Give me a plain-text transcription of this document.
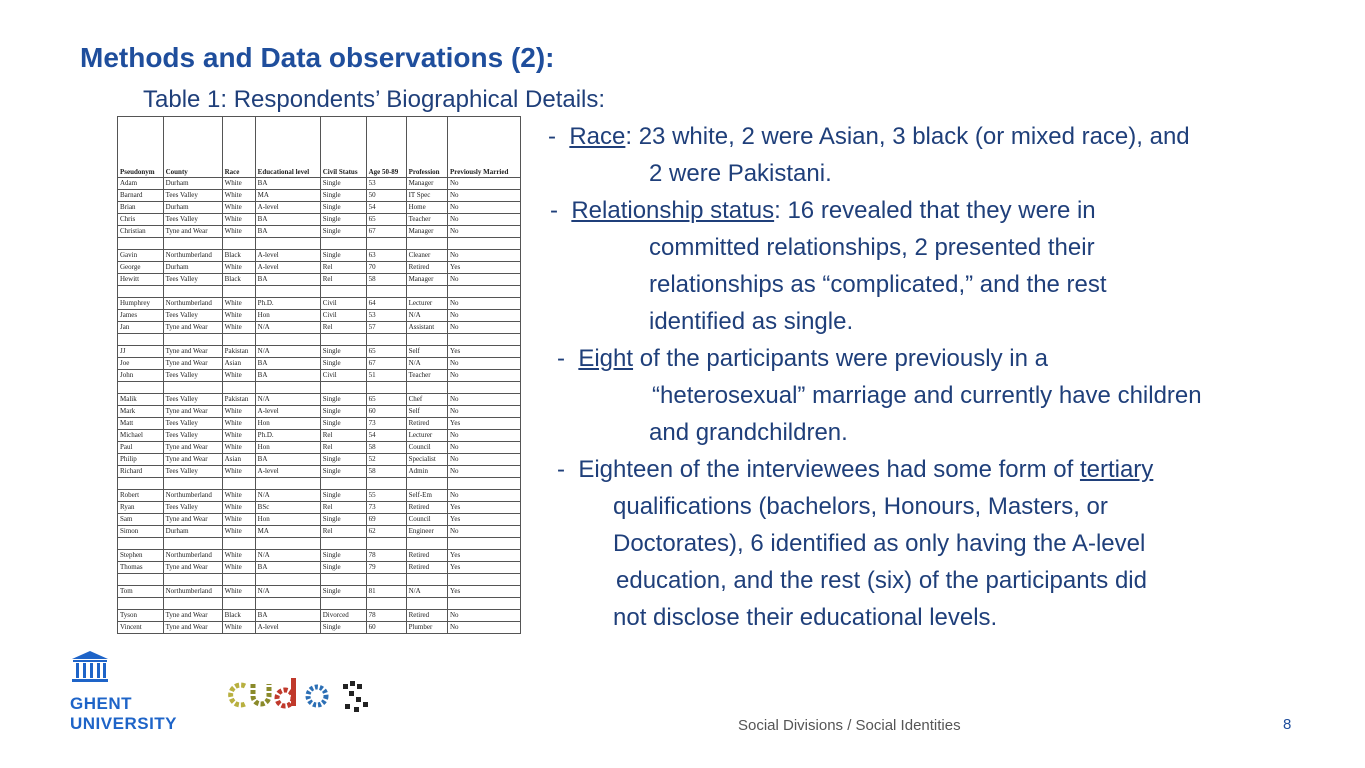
Methods and Data observations (2):
Table 1: Respondents’ Biographical Details:
Pseudonym	County	Race	Educational level	Civil Status	Age 50-89	Profession	Previously Married
Adam	Durham	White	BA	Single	53	Manager	No
Barnard	Tees Valley	White	MA	Single	50	IT Spec	No
Brian	Durham	White	A-level	Single	54	Home	No
Chris	Tees Valley	White	BA	Single	65	Teacher	No
Christian	Tyne and Wear	White	BA	Single	67	Manager	No

Gavin	Northumberland	Black	A-level	Single	63	Cleaner	No
George	Durham	White	A-level	Rel	70	Retired	Yes
Hewitt	Tees Valley	Black	BA	Rel	58	Manager	No

Humphrey	Northumberland	White	Ph.D.	Civil	64	Lecturer	No
James	Tees Valley	White	Hon	Civil	53	N/A	No
Jan	Tyne and Wear	White	N/A	Rel	57	Assistant	No

JJ	Tyne and Wear	Pakistan	N/A	Single	65	Self	Yes
Joe	Tyne and Wear	Asian	BA	Single	67	N/A	No
John	Tees Valley	White	BA	Civil	51	Teacher	No

Malik	Tees Valley	Pakistan	N/A	Single	65	Chef	No
Mark	Tyne and Wear	White	A-level	Single	60	Self	No
Matt	Tees Valley	White	Hon	Single	73	Retired	Yes
Michael	Tees Valley	White	Ph.D.	Rel	54	Lecturer	No
Paul	Tyne and Wear	White	Hon	Rel	58	Council	No
Philip	Tyne and Wear	Asian	BA	Single	52	Specialist	No
Richard	Tees Valley	White	A-level	Single	58	Admin	No

Robert	Northumberland	White	N/A	Single	55	Self-Em	No
Ryan	Tees Valley	White	BSc	Rel	73	Retired	Yes
Sam	Tyne and Wear	White	Hon	Single	69	Council	Yes
Simon	Durham	White	MA	Rel	62	Engineer	No

Stephen	Northumberland	White	N/A	Single	78	Retired	Yes
Thomas	Tyne and Wear	White	BA	Single	79	Retired	Yes

Tom	Northumberland	White	N/A	Single	81	N/A	Yes

Tyson	Tyne and Wear	Black	BA	Divorced	78	Retired	No
Vincent	Tyne and Wear	White	A-level	Single	60	Plumber	No
- Race: 23 white, 2 were Asian, 3 black (or mixed race), and
2 were Pakistani.
- Relationship status: 16 revealed that they were in
committed relationships, 2 presented their
relationships as “complicated,” and the rest
identified as single.
- Eight of the participants were previously in a
“heterosexual” marriage and currently have children
and grandchildren.
- Eighteen of the interviewees had some form of tertiary
qualifications (bachelors, Honours, Masters, or
Doctorates), 6 identified as only having the A-level
education, and the rest (six) of the participants did
not disclose their educational levels.
GHENT
UNIVERSITY	Social Divisions / Social Identities	8
